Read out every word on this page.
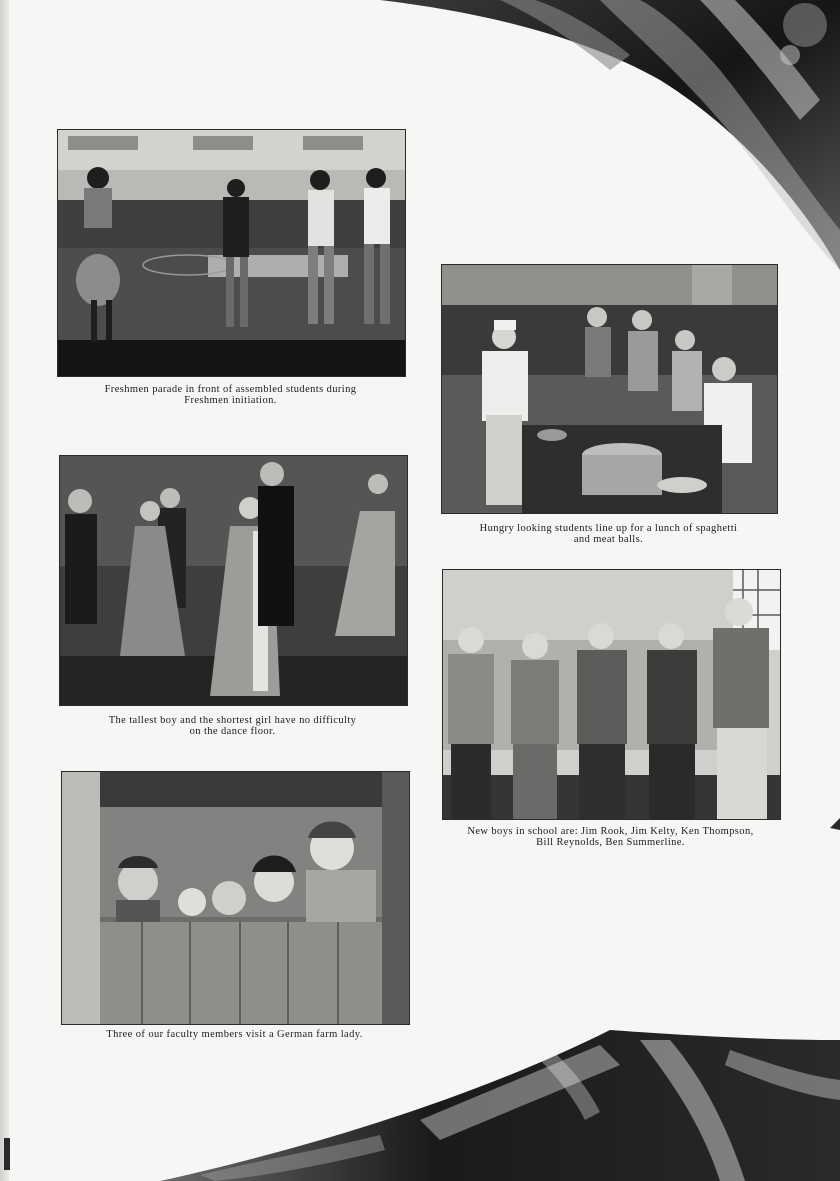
Freshmen parade in front of assembled students during
Freshmen initiation.
Hungry looking students line up for a lunch of spaghetti
and meat balls.
The tallest boy and the shortest girl have no difficulty
on the dance floor.
New boys in school are: Jim Rook, Jim Kelty, Ken Thompson,
Bill Reynolds, Ben Summerline.
Three of our faculty members visit a German farm lady.
